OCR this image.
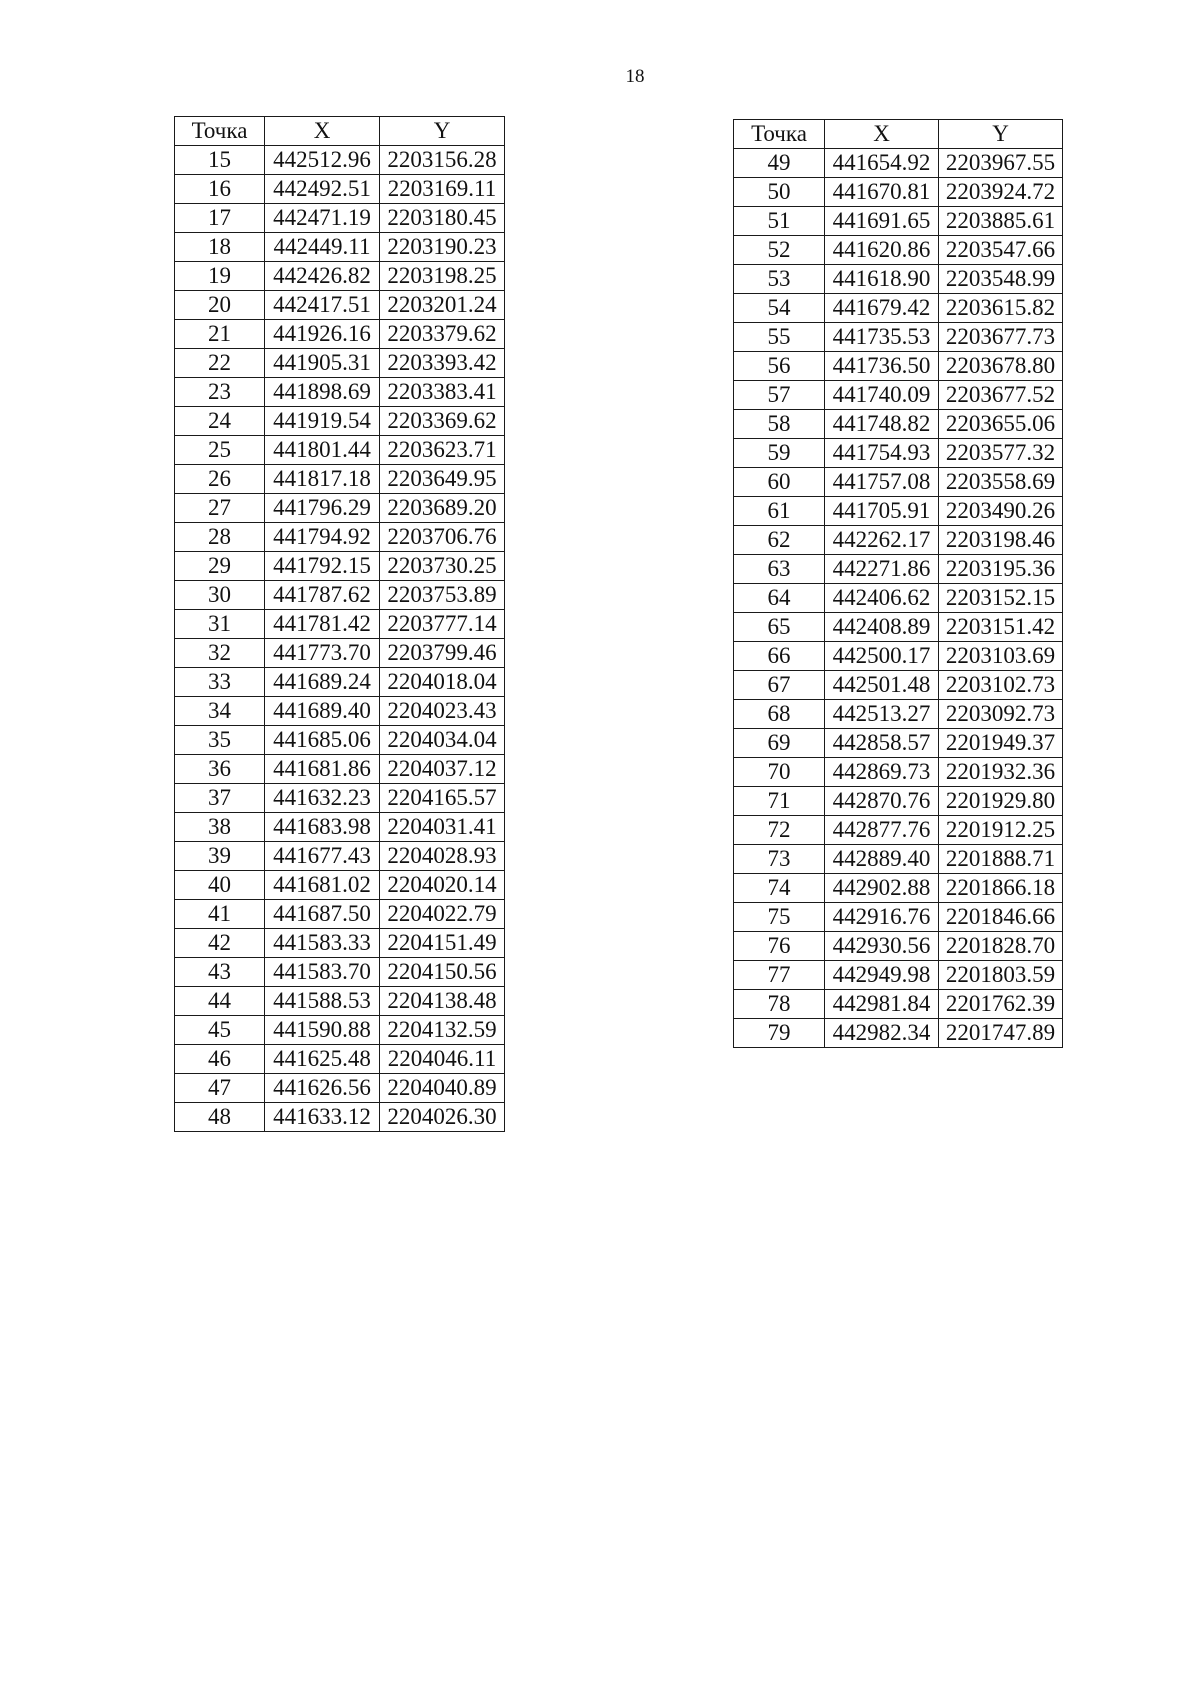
18
Точка	X	Y
15	442512.96	2203156.28
16	442492.51	2203169.11
17	442471.19	2203180.45
18	442449.11	2203190.23
19	442426.82	2203198.25
20	442417.51	2203201.24
21	441926.16	2203379.62
22	441905.31	2203393.42
23	441898.69	2203383.41
24	441919.54	2203369.62
25	441801.44	2203623.71
26	441817.18	2203649.95
27	441796.29	2203689.20
28	441794.92	2203706.76
29	441792.15	2203730.25
30	441787.62	2203753.89
31	441781.42	2203777.14
32	441773.70	2203799.46
33	441689.24	2204018.04
34	441689.40	2204023.43
35	441685.06	2204034.04
36	441681.86	2204037.12
37	441632.23	2204165.57
38	441683.98	2204031.41
39	441677.43	2204028.93
40	441681.02	2204020.14
41	441687.50	2204022.79
42	441583.33	2204151.49
43	441583.70	2204150.56
44	441588.53	2204138.48
45	441590.88	2204132.59
46	441625.48	2204046.11
47	441626.56	2204040.89
48	441633.12	2204026.30
Точка	X	Y
49	441654.92	2203967.55
50	441670.81	2203924.72
51	441691.65	2203885.61
52	441620.86	2203547.66
53	441618.90	2203548.99
54	441679.42	2203615.82
55	441735.53	2203677.73
56	441736.50	2203678.80
57	441740.09	2203677.52
58	441748.82	2203655.06
59	441754.93	2203577.32
60	441757.08	2203558.69
61	441705.91	2203490.26
62	442262.17	2203198.46
63	442271.86	2203195.36
64	442406.62	2203152.15
65	442408.89	2203151.42
66	442500.17	2203103.69
67	442501.48	2203102.73
68	442513.27	2203092.73
69	442858.57	2201949.37
70	442869.73	2201932.36
71	442870.76	2201929.80
72	442877.76	2201912.25
73	442889.40	2201888.71
74	442902.88	2201866.18
75	442916.76	2201846.66
76	442930.56	2201828.70
77	442949.98	2201803.59
78	442981.84	2201762.39
79	442982.34	2201747.89
